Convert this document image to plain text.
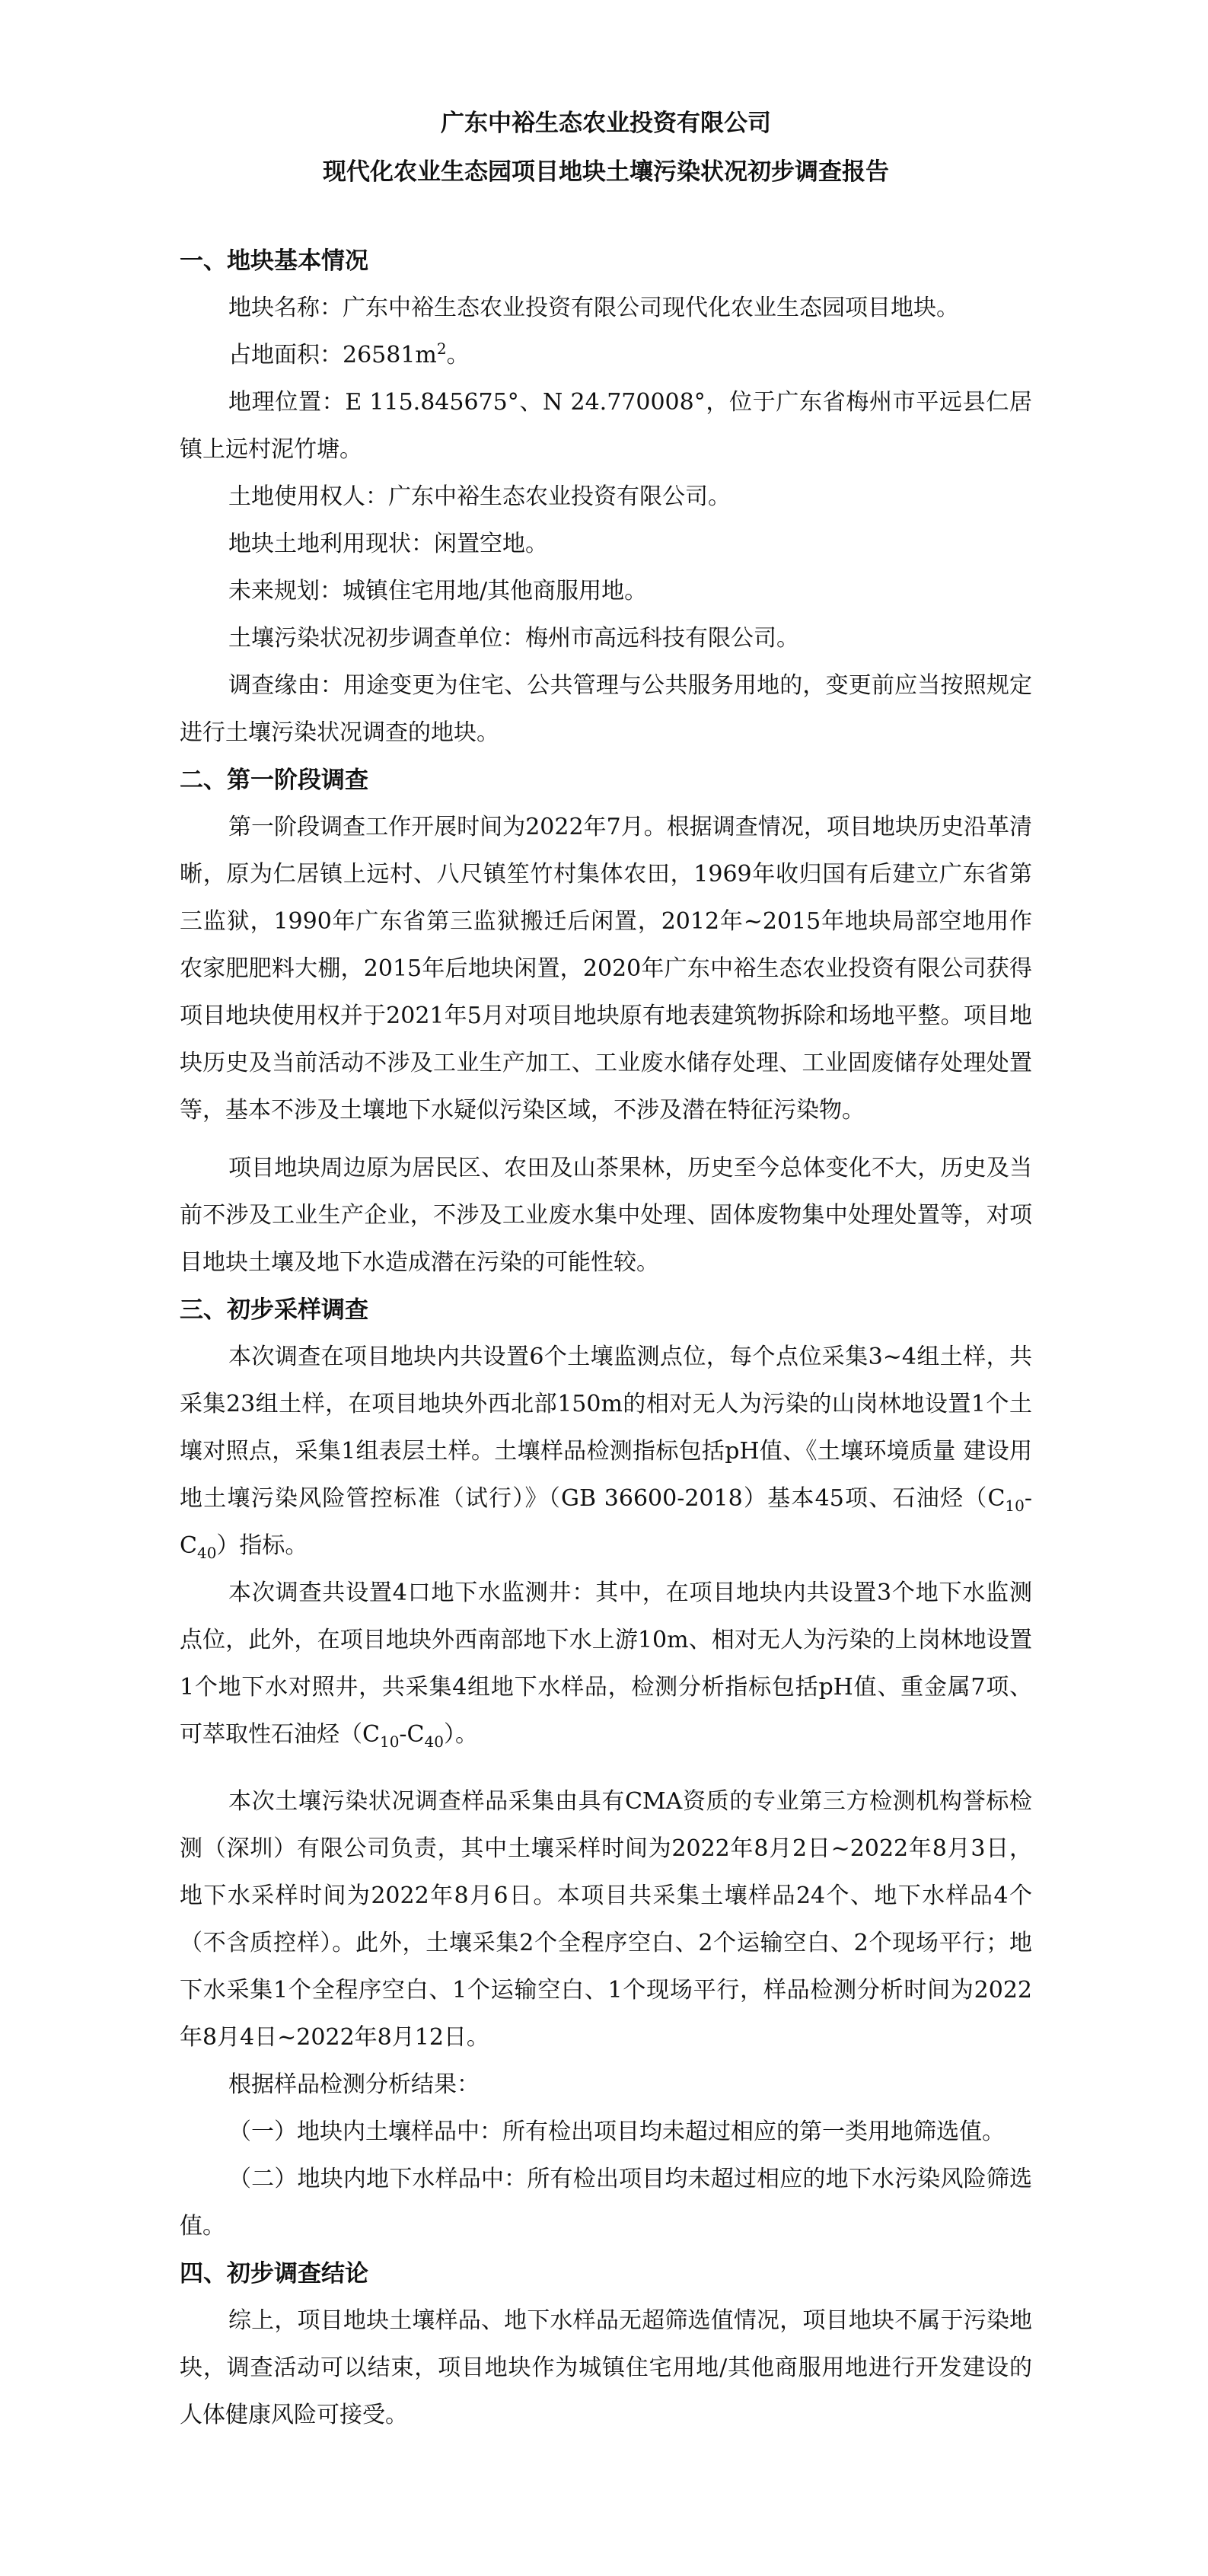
广东中裕生态农业投资有限公司

现代化农业生态园项目地块土壤污染状况初步调查报告

一、地块基本情况

地块名称：广东中裕生态农业投资有限公司现代化农业生态园项目地块。

占地面积：$26581m^2$。

地理位置：E 115.845675°、N 24.770008°，位于广东省梅州市平远县仁居镇上远村泥竹塘。

土地使用权人：广东中裕生态农业投资有限公司。

地块土地利用现状：闲置空地。

未来规划：城镇住宅用地/其他商服用地。

土壤污染状况初步调查单位：梅州市高远科技有限公司。

调查缘由：用途变更为住宅、公共管理与公共服务用地的，变更前应当按照规定进行土壤污染状况调查的地块。

二、第一阶段调查

第一阶段调查工作开展时间为2022年7月。根据调查情况，项目地块历史沿革清晰，原为仁居镇上远村、八尺镇笙竹村集体农田，1969年收归国有后建立广东省第三监狱，1990年广东省第三监狱搬迁后闲置，2012年~2015年地块局部空地用作农家肥肥料大棚，2015年后地块闲置，2020年广东中裕生态农业投资有限公司获得项目地块使用权并于2021年5月对项目地块原有地表建筑物拆除和场地平整。项目地块历史及当前活动不涉及工业生产加工、工业废水储存处理、工业固废储存处理处置等，基本不涉及土壤地下水疑似污染区域，不涉及潜在特征污染物。

项目地块周边原为居民区、农田及山茶果林，历史至今总体变化不大，历史及当前不涉及工业生产企业，不涉及工业废水集中处理、固体废物集中处理处置等，对项目地块土壤及地下水造成潜在污染的可能性较。

三、初步采样调查

本次调查在项目地块内共设置6个土壤监测点位，每个点位采集3~4组土样，共采集23组土样，在项目地块外西北部150m的相对无人为污染的山岗林地设置1个土壤对照点，采集1组表层土样。土壤样品检测指标包括pH值、《土壤环境质量 建设用地土壤污染风险管控标准（试行）》（GB 36600-2018）基本45项、石油烃$(C_{10}-C_{40})$指标。

本次调查共设置4口地下水监测井：其中，在项目地块内共设置3个地下水监测点位，此外，在项目地块外西南部地下水上游10m、相对无人为污染的上岗林地设置1个地下水对照井，共采集4组地下水样品，检测分析指标包括pH值、重金属7项、可萃取性石油烃$(C_{10}-C_{40})$。

本次土壤污染状况调查样品采集由具有CMA资质的专业第三方检测机构誉标检测（深圳）有限公司负责，其中土壤采样时间为2022年8月2日~2022年8月3日，地下水采样时间为2022年8月6日。本项目共采集土壤样品24个、地下水样品4个（不含质控样）。此外，土壤采集2个全程序空白、2个运输空白、2个现场平行；地下水采集1个全程序空白、1个运输空白、1个现场平行，样品检测分析时间为2022年8月4日~2022年8月12日。

根据样品检测分析结果：

（一）地块内土壤样品中：所有检出项目均未超过相应的第一类用地筛选值。

（二）地块内地下水样品中：所有检出项目均未超过相应的地下水污染风险筛选值。

四、初步调查结论

综上，项目地块土壤样品、地下水样品无超筛选值情况，项目地块不属于污染地块，调查活动可以结束，项目地块作为城镇住宅用地/其他商服用地进行开发建设的人体健康风险可接受。
